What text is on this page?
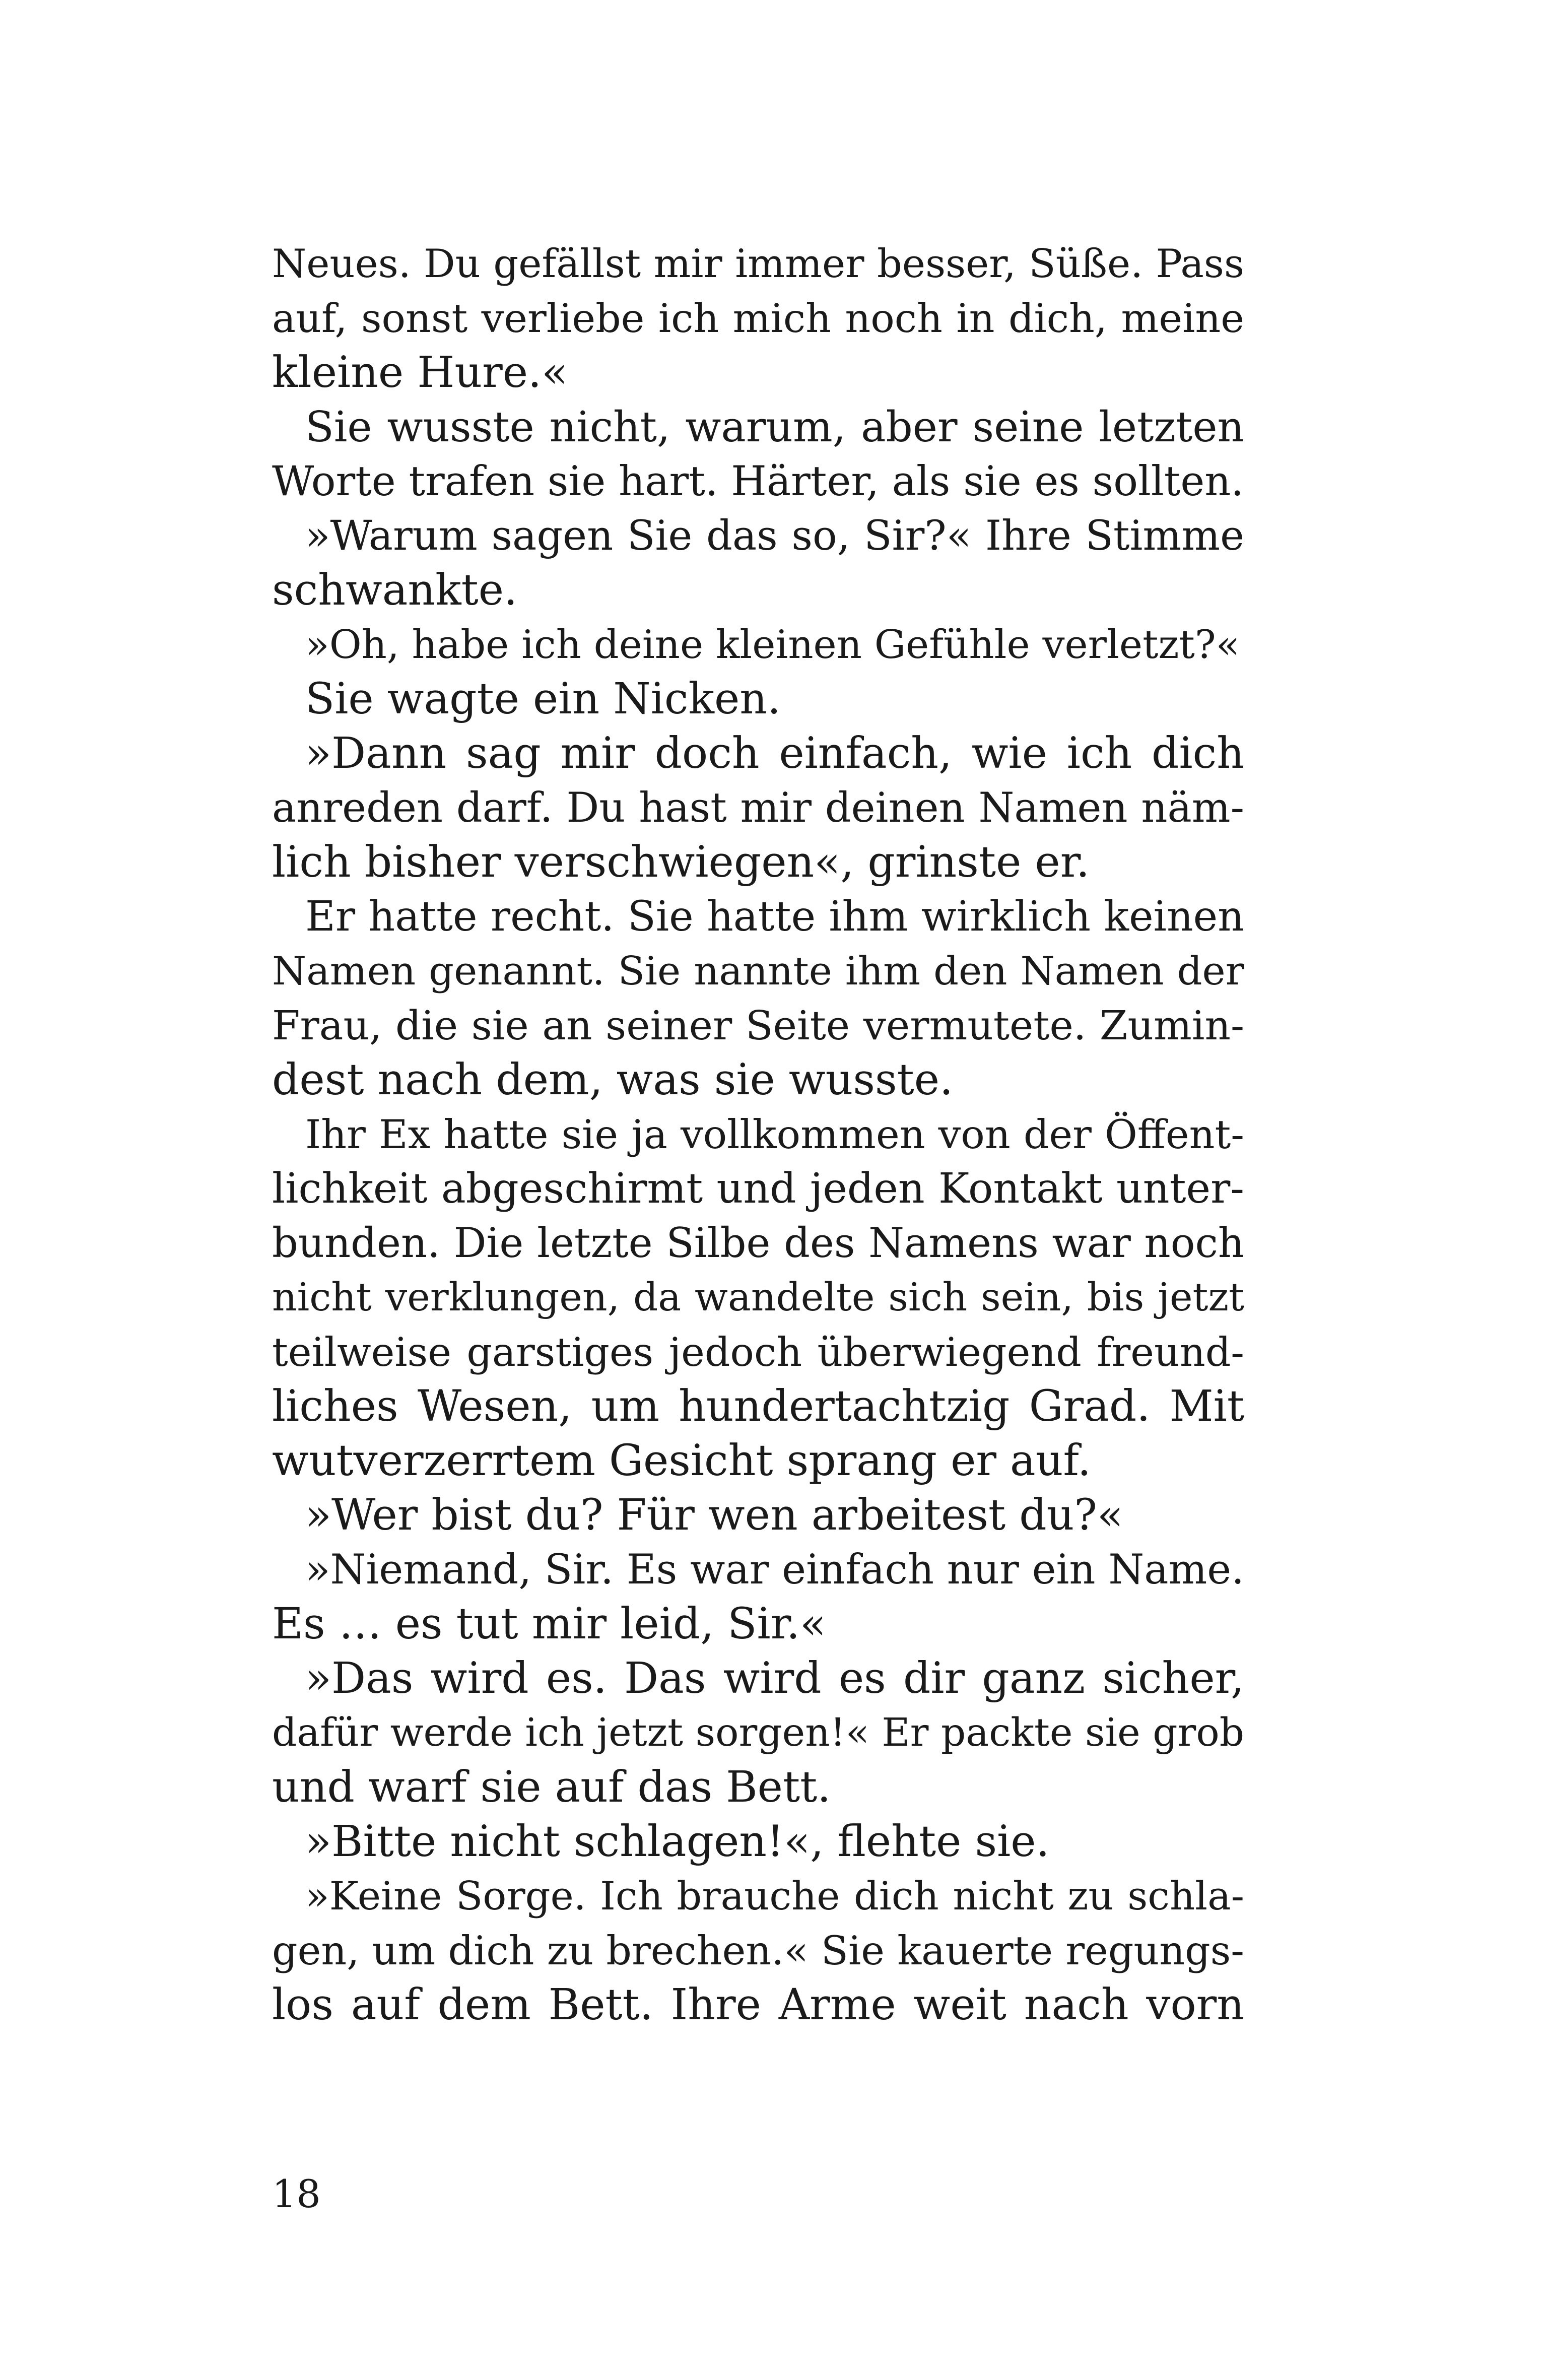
Neues. Du gefällst mir immer besser, Süße. Pass
auf, sonst verliebe ich mich noch in dich, meine
kleine Hure.«
Sie wusste nicht, warum, aber seine letzten
Worte trafen sie hart. Härter, als sie es sollten.
»Warum sagen Sie das so, Sir?« Ihre Stimme
schwankte.
»Oh, habe ich deine kleinen Gefühle verletzt?«
Sie wagte ein Nicken.
»Dann sag mir doch einfach, wie ich dich
anreden darf. Du hast mir deinen Namen näm-
lich bisher verschwiegen«, grinste er.
Er hatte recht. Sie hatte ihm wirklich keinen
Namen genannt. Sie nannte ihm den Namen der
Frau, die sie an seiner Seite vermutete. Zumin-
dest nach dem, was sie wusste.
Ihr Ex hatte sie ja vollkommen von der Öffent-
lichkeit abgeschirmt und jeden Kontakt unter-
bunden. Die letzte Silbe des Namens war noch
nicht verklungen, da wandelte sich sein, bis jetzt
teilweise garstiges jedoch überwiegend freund-
liches Wesen, um hundertachtzig Grad. Mit
wutverzerrtem Gesicht sprang er auf.
»Wer bist du? Für wen arbeitest du?«
»Niemand, Sir. Es war einfach nur ein Name.
Es … es tut mir leid, Sir.«
»Das wird es. Das wird es dir ganz sicher,
dafür werde ich jetzt sorgen!« Er packte sie grob
und warf sie auf das Bett.
»Bitte nicht schlagen!«, flehte sie.
»Keine Sorge. Ich brauche dich nicht zu schla-
gen, um dich zu brechen.« Sie kauerte regungs-
los auf dem Bett. Ihre Arme weit nach vorn
18
